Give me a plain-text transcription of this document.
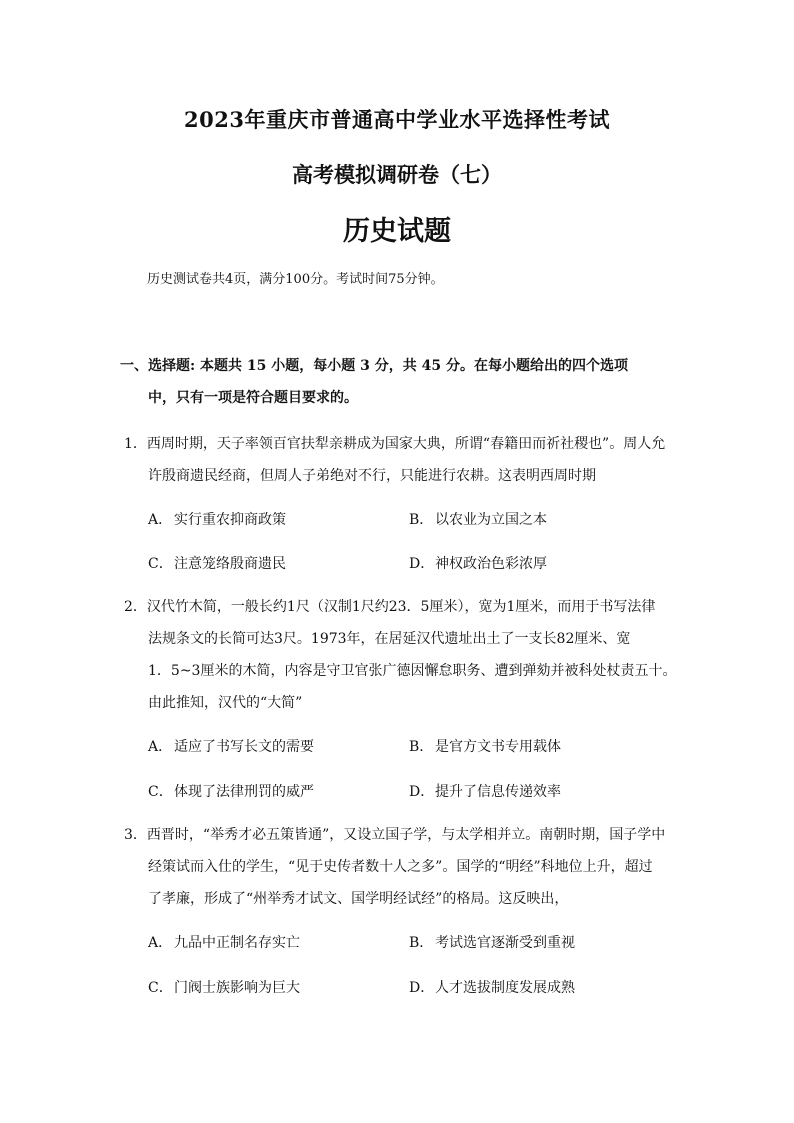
2023年重庆市普通高中学业水平选择性考试
高考模拟调研卷（七）
历史试题
历史测试卷共4页，满分100分。考试时间75分钟。
一、选择题: 本题共 15 小题，每小题 3 分，共 45 分。在每小题给出的四个选项
中，只有一项是符合题目要求的。
1．西周时期，天子率领百官扶犁亲耕成为国家大典，所谓“春籍田而祈社稷也”。周人允
许殷商遗民经商，但周人子弟绝对不行，只能进行农耕。这表明西周时期
A． 实行重农抑商政策	B． 以农业为立国之本
C．注意笼络殷商遗民	D．神权政治色彩浓厚
2．汉代竹木简，一般长约1尺（汉制1尺约23．5厘米），宽为1厘米，而用于书写法律
法规条文的长简可达3尺。1973年，在居延汉代遗址出土了一支长82厘米、宽
1．5~3厘米的木简，内容是守卫官张广德因懈怠职务、遭到弹劾并被科处杖责五十。
由此推知，汉代的“大简”
A． 适应了书写长文的需要	B． 是官方文书专用载体
C．体现了法律刑罚的威严	D．提升了信息传递效率
3．西晋时，“举秀才必五策皆通”，又设立国子学，与太学相并立。南朝时期，国子学中
经策试而入仕的学生，“见于史传者数十人之多”。国学的“明经”科地位上升，超过
了孝廉，形成了“州举秀才试文、国学明经试经”的格局。这反映出，
A． 九品中正制名存实亡	B． 考试选官逐渐受到重视
C．门阀士族影响为巨大	D．人才选拔制度发展成熟
